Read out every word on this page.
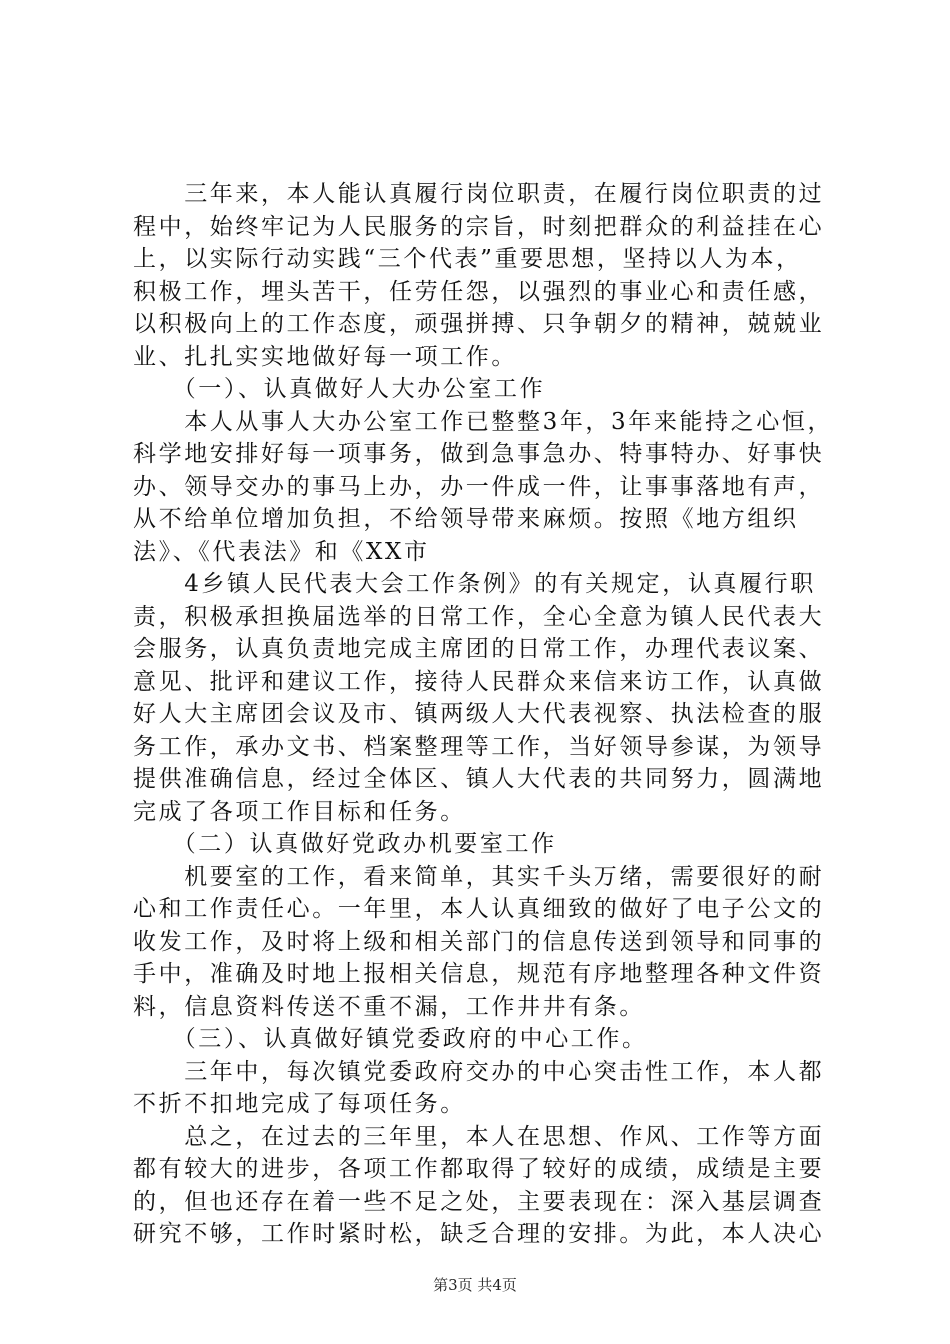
　　三年来，本人能认真履行岗位职责，在履行岗位职责的过
程中，始终牢记为人民服务的宗旨，时刻把群众的利益挂在心
上，以实际行动实践“三个代表”重要思想，坚持以人为本，
积极工作，埋头苦干，任劳任怨，以强烈的事业心和责任感，
以积极向上的工作态度，顽强拼搏、只争朝夕的精神，兢兢业
业、扎扎实实地做好每一项工作。
　　（一）、认真做好人大办公室工作
　　本人从事人大办公室工作已整整3年，3年来能持之心恒，
科学地安排好每一项事务，做到急事急办、特事特办、好事快
办、领导交办的事马上办，办一件成一件，让事事落地有声，
从不给单位增加负担，不给领导带来麻烦。按照《地方组织
法》、《代表法》和《XX市
　　4乡镇人民代表大会工作条例》的有关规定，认真履行职
责，积极承担换届选举的日常工作，全心全意为镇人民代表大
会服务，认真负责地完成主席团的日常工作，办理代表议案、
意见、批评和建议工作，接待人民群众来信来访工作，认真做
好人大主席团会议及市、镇两级人大代表视察、执法检查的服
务工作，承办文书、档案整理等工作，当好领导参谋，为领导
提供准确信息，经过全体区、镇人大代表的共同努力，圆满地
完成了各项工作目标和任务。
　　（二）认真做好党政办机要室工作
　　机要室的工作，看来简单，其实千头万绪，需要很好的耐
心和工作责任心。一年里，本人认真细致的做好了电子公文的
收发工作，及时将上级和相关部门的信息传送到领导和同事的
手中，准确及时地上报相关信息，规范有序地整理各种文件资
料，信息资料传送不重不漏，工作井井有条。
　　（三）、认真做好镇党委政府的中心工作。
　　三年中，每次镇党委政府交办的中心突击性工作，本人都
不折不扣地完成了每项任务。
　　总之，在过去的三年里，本人在思想、作风、工作等方面
都有较大的进步，各项工作都取得了较好的成绩，成绩是主要
的，但也还存在着一些不足之处，主要表现在：深入基层调查
研究不够，工作时紧时松，缺乏合理的安排。为此，本人决心
第3页 共4页
